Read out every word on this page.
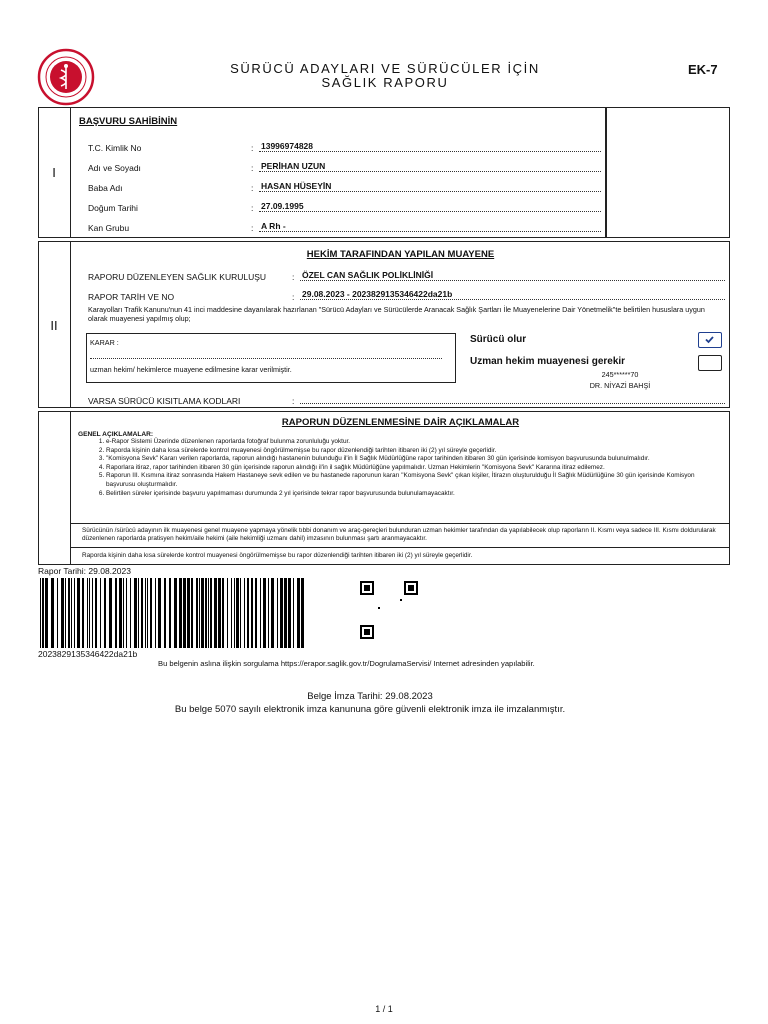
SÜRÜCÜ ADAYLARI VE SÜRÜCÜLER İÇİN
SAĞLIK RAPORU
EK-7
I
BAŞVURU SAHİBİNİN
T.C. Kimlik No	: 13996974828
Adı ve Soyadı	: PERİHAN UZUN
Baba Adı	: HASAN HÜSEYİN
Doğum Tarihi	: 27.09.1995
Kan Grubu	: A Rh -
II
HEKİM TARAFINDAN YAPILAN MUAYENE
RAPORU DÜZENLEYEN SAĞLIK KURULUŞU	: ÖZEL CAN SAĞLIK POLİKLİNİĞİ
RAPOR TARİH VE NO	: 29.08.2023 - 2023829135346422da21b
Karayolları Trafik Kanunu'nun 41 inci maddesine dayanılarak hazırlanan "Sürücü Adayları ve Sürücülerde Aranacak Sağlık Şartları İle Muayenelerine Dair Yönetmelik"te belirtilen hususlara uygun olarak muayenesi yapılmış olup;
KARAR :
uzman hekim/ hekimlerce muayene edilmesine karar verilmiştir.
Sürücü olur
Uzman hekim muayenesi gerekir
245******70
DR. NİYAZİ BAHŞİ
VARSA SÜRÜCÜ KISITLAMA KODLARI	:
RAPORUN DÜZENLENMESİNE DAİR AÇIKLAMALAR
GENEL AÇIKLAMALAR:
1. e-Rapor Sistemi Üzerinde düzenlenen raporlarda fotoğraf bulunma zorunluluğu yoktur.
2. Raporda kişinin daha kısa sürelerde kontrol muayenesi öngörülmemişse bu rapor düzenlendiği tarihten itibaren iki (2) yıl süreyle geçerlidir.
3. "Komisyona Sevk" Kararı verilen raporlarda, raporun alındığı hastanenin bulunduğu il'in İl Sağlık Müdürlüğüne rapor tarihinden itibaren 30 gün içerisinde komisyon başvurusunda bulunulmalıdır.
4. Raporlara itiraz, rapor tarihinden itibaren 30 gün içerisinde raporun alındığı il'in il sağlık Müdürlüğüne yapılmalıdır. Uzman Hekimlerin "Komisyona Sevk" Kararına itiraz edilemez.
5. Raporun III. Kısmına itiraz sonrasında Hakem Hastaneye sevk edilen ve bu hastanede raporunun kararı "Komisyona Sevk" çıkan kişiler, İtirazın oluşturulduğu İl Sağlık Müdürlüğüne 30 gün içerisinde Komisyon başvurusu oluşturmalıdır.
6. Belirtilen süreler içerisinde başvuru yapılmaması durumunda 2 yıl içerisinde tekrar rapor başvurusunda bulunulamayacaktır.
Sürücünün /sürücü adayının ilk muayenesi genel muayene yapmaya yönelik tıbbi donanım ve araç-gereçleri bulunduran uzman hekimler tarafından da yapılabilecek olup raporların II. Kısmı veya sadece III. Kısmı doldurularak düzenlenen raporlarda pratisyen hekim/aile hekimi (aile hekimliği uzmanı dahil) imzasının bulunması şartı aranmayacaktır.
Raporda kişinin daha kısa sürelerde kontrol muayenesi öngörülmemişse bu rapor düzenlendiği tarihten itibaren iki (2) yıl süreyle geçerlidir.
Rapor Tarihi: 29.08.2023
2023829135346422da21b
Bu belgenin aslına ilişkin sorgulama https://erapor.saglik.gov.tr/DogrulamaServisi/ Internet adresinden yapılabilir.
Belge İmza Tarihi: 29.08.2023
Bu belge 5070 sayılı elektronik imza kanununa göre güvenli elektronik imza ile imzalanmıştır.
1 / 1
